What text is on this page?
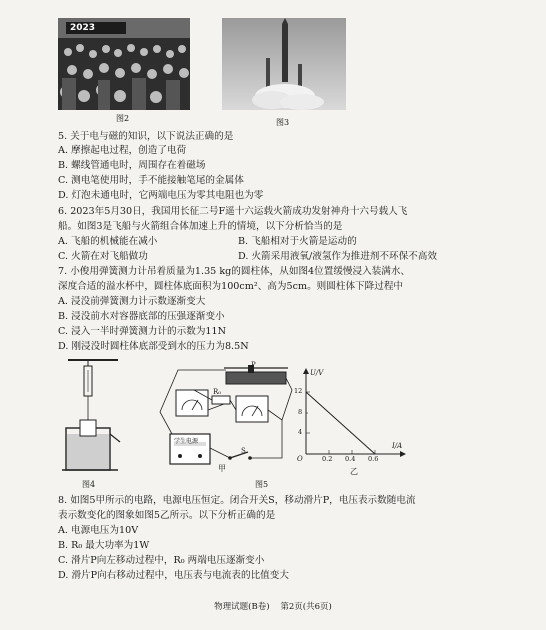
2023
图2	图3
5. 关于电与磁的知识，以下说法正确的是
A. 摩擦起电过程，创造了电荷
B. 螺线管通电时，周围存在着磁场
C. 测电笔使用时，手不能接触笔尾的金属体
D. 灯泡未通电时，它两端电压为零其电阻也为零
6. 2023年5月30日，我国用长征二号F遥十六运载火箭成功发射神舟十六号载人飞
船。如图3是飞船与火箭组合体加速上升的情境，以下分析恰当的是
A. 飞船的机械能在减小	B. 飞船相对于火箭是运动的
C. 火箭在对飞船做功	D. 火箭采用液氧/液氢作为推进剂不环保不高效
7. 小俊用弹簧测力计吊着质量为1.35 kg的圆柱体，从如图4位置缓慢浸入装满水、
深度合适的溢水杯中，圆柱体底面积为100cm²、高为5cm。则圆柱体下降过程中
A. 浸没前弹簧测力计示数逐渐变大
B. 浸没前水对容器底部的压强逐渐变小
C. 浸入一半时弹簧测力计的示数为11N
D. 刚浸没时圆柱体底部受到水的压力为8.5N
图4
P
R₀
学生电源
S
甲
U/V
I/A
O
12
8
4
0.2 0.4 0.6
乙
图5
8. 如图5甲所示的电路，电源电压恒定。闭合开关S，移动滑片P，电压表示数随电流
表示数变化的图象如图5乙所示。以下分析正确的是
A. 电源电压为10V
B. R₀ 最大功率为1W
C. 滑片P向左移动过程中，R₀ 两端电压逐渐变小
D. 滑片P向右移动过程中，电压表与电流表的比值变大
物理试题(B卷)    第2页(共6页)
